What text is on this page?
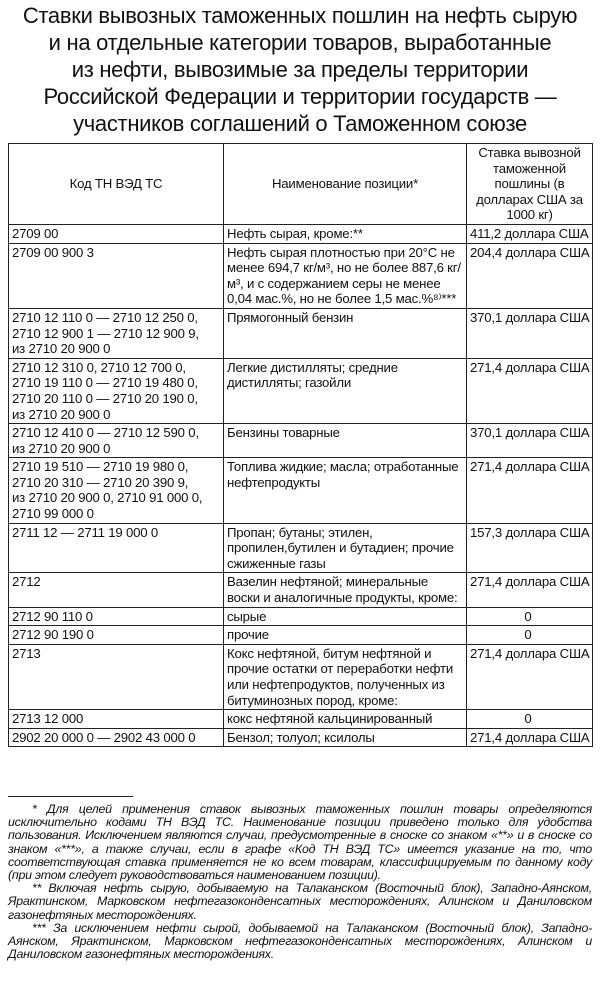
Ставки вывозных таможенных пошлин на нефть сырую
и на отдельные категории товаров, выработанные
из нефти, вывозимые за пределы территории
Российской Федерации и территории государств —
участников соглашений о Таможенном союзе
Код ТН ВЭД ТС	Наименование позиции*	Ставка вывозной таможенной пошлины (в долларах США за 1000 кг)

2709 00	Нефть сырая, кроме:**	411,2 доллара США

2709 00 900 3	Нефть сырая плотностью при 20°С не менее 694,7 кг/м³, но не более 887,6 кг/м³, и с содержанием серы не менее 0,04 мас.%, но не более 1,5 мас.%⁸⁾***	204,4 доллара США

2710 12 110 0 — 2710 12 250 0,
2710 12 900 1 — 2710 12 900 9,
из 2710 20 900 0	Прямогонный бензин	370,1 доллара США

2710 12 310 0, 2710 12 700 0,
2710 19 110 0 — 2710 19 480 0,
2710 20 110 0 — 2710 20 190 0,
из 2710 20 900 0	Легкие дистилляты; средние дистилляты; газойли	271,4 доллара США

2710 12 410 0 — 2710 12 590 0,
из 2710 20 900 0	Бензины товарные	370,1 доллара США

2710 19 510 — 2710 19 980 0,
2710 20 310 — 2710 20 390 9,
из 2710 20 900 0, 2710 91 000 0,
2710 99 000 0	Топлива жидкие; масла; отработанные нефтепродукты	271,4 доллара США

2711 12 — 2711 19 000 0	Пропан; бутаны; этилен, пропилен,бутилен и бутадиен; прочие сжиженные газы	157,3 доллара США

2712	Вазелин нефтяной; минеральные воски и аналогичные продукты, кроме:	271,4 доллара США

2712 90 110 0	сырые	0

2712 90 190 0	прочие	0

2713	Кокс нефтяной, битум нефтяной и прочие остатки от переработки нефти или нефтепродуктов, полученных из битуминозных пород, кроме:	271,4 доллара США

2713 12 000	кокс нефтяной кальцинированный	0

2902 20 000 0 — 2902 43 000 0	Бензол; толуол; ксилолы	271,4 доллара США

* Для целей применения ставок вывозных таможенных пошлин товары определяются исключительно кодами ТН ВЭД ТС. Наименование позиции приведено только для удобства пользования. Исключением являются случаи, предусмотренные в сноске со знаком «**» и в сноске со знаком «***», а также случаи, если в графе «Код ТН ВЭД ТС» имеется указание на то, что соответствующая ставка применяется не ко всем товарам, классифицируемым по данному коду (при этом следует руководствоваться наименованием позиции).

** Включая нефть сырую, добываемую на Талаканском (Восточный блок), Западно-Аянском, Ярактинском, Марковском нефтегазоконденсатных месторождениях, Алинском и Даниловском газонефтяных месторождениях.

*** За исключением нефти сырой, добываемой на Талаканском (Восточный блок), Западно-Аянском, Ярактинском, Марковском нефтегазоконденсатных месторождениях, Алинском и Даниловском газонефтяных месторождениях.
